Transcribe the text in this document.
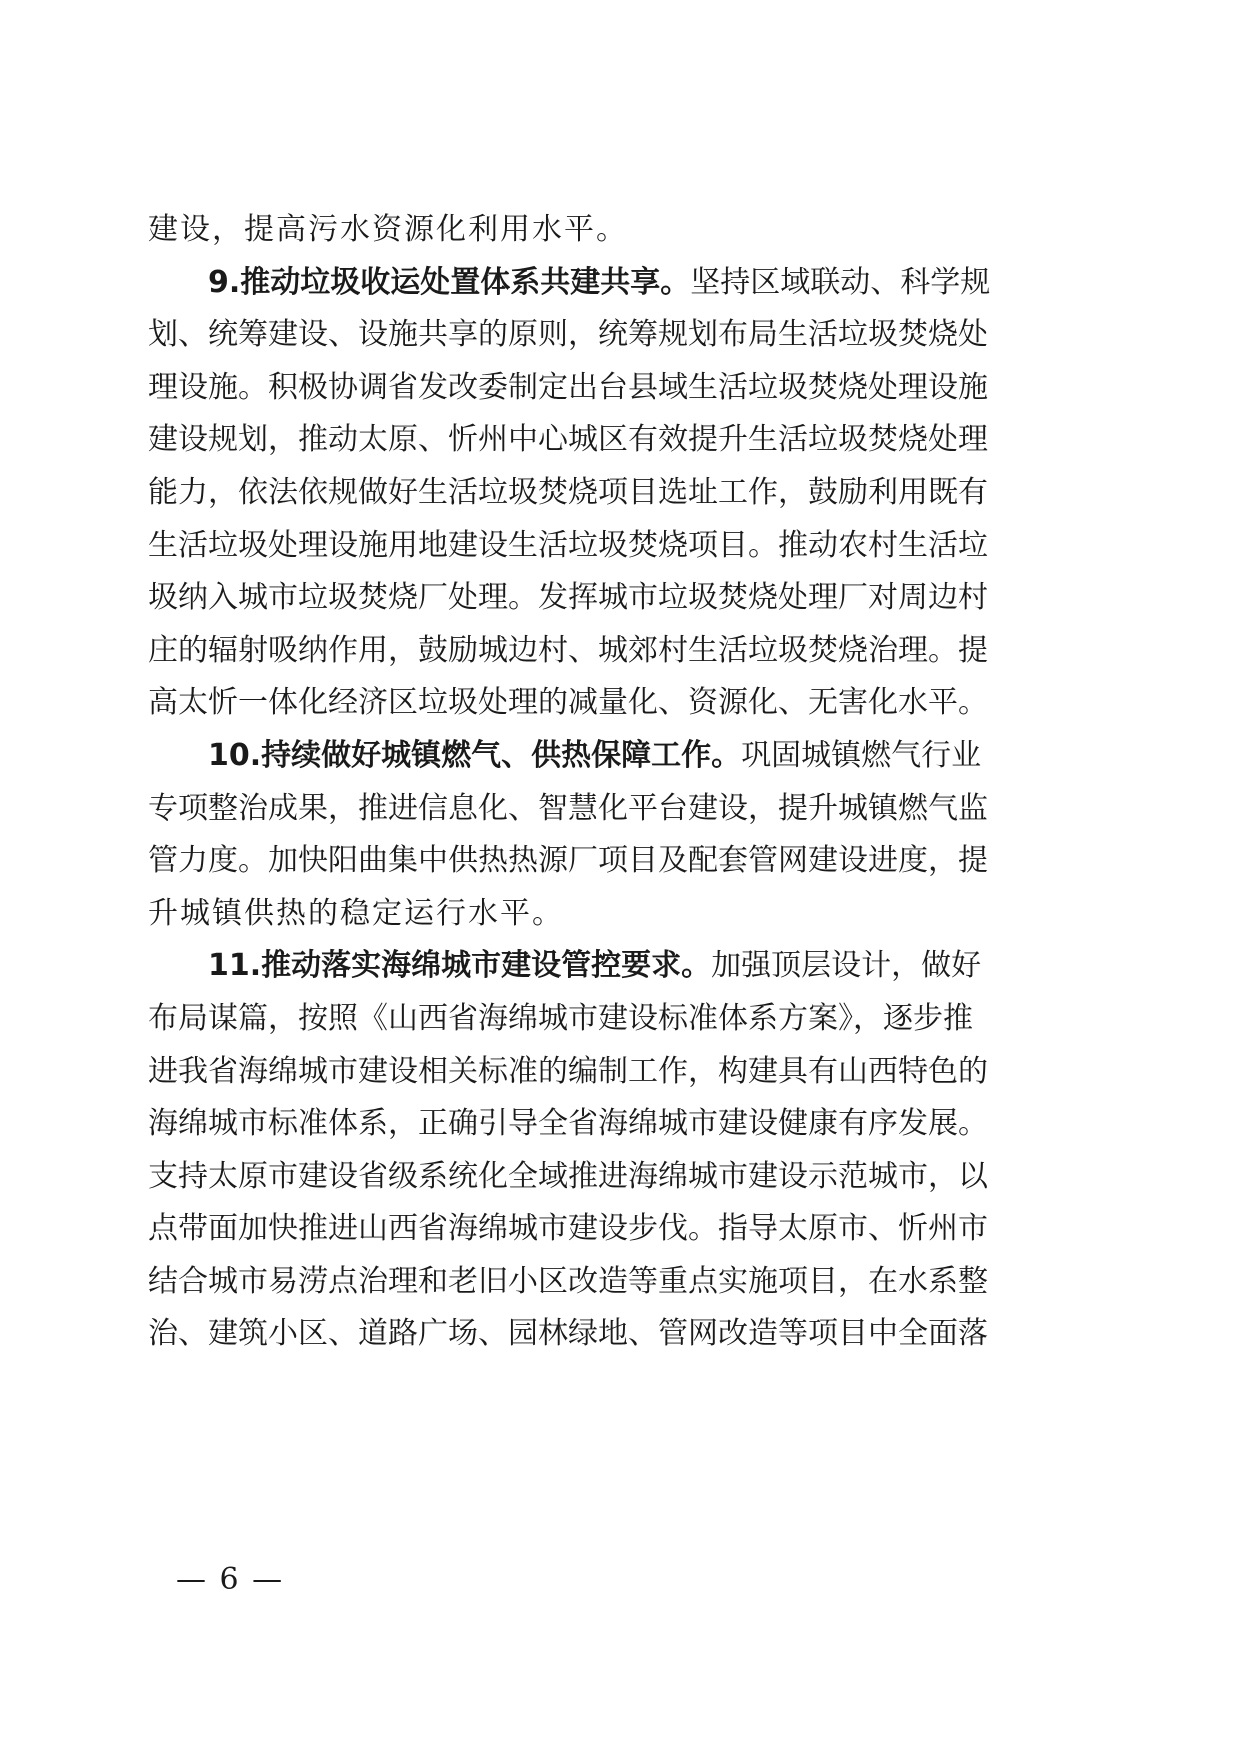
建设，提高污水资源化利用水平。
9.推动垃圾收运处置体系共建共享。坚持区域联动、科学规
划、统筹建设、设施共享的原则，统筹规划布局生活垃圾焚烧处
理设施。积极协调省发改委制定出台县域生活垃圾焚烧处理设施
建设规划，推动太原、忻州中心城区有效提升生活垃圾焚烧处理
能力，依法依规做好生活垃圾焚烧项目选址工作，鼓励利用既有
生活垃圾处理设施用地建设生活垃圾焚烧项目。推动农村生活垃
圾纳入城市垃圾焚烧厂处理。发挥城市垃圾焚烧处理厂对周边村
庄的辐射吸纳作用，鼓励城边村、城郊村生活垃圾焚烧治理。提
高太忻一体化经济区垃圾处理的减量化、资源化、无害化水平。
10.持续做好城镇燃气、供热保障工作。巩固城镇燃气行业
专项整治成果，推进信息化、智慧化平台建设，提升城镇燃气监
管力度。加快阳曲集中供热热源厂项目及配套管网建设进度，提
升城镇供热的稳定运行水平。
11.推动落实海绵城市建设管控要求。加强顶层设计，做好
布局谋篇，按照《山西省海绵城市建设标准体系方案》，逐步推
进我省海绵城市建设相关标准的编制工作，构建具有山西特色的
海绵城市标准体系，正确引导全省海绵城市建设健康有序发展。
支持太原市建设省级系统化全域推进海绵城市建设示范城市，以
点带面加快推进山西省海绵城市建设步伐。指导太原市、忻州市
结合城市易涝点治理和老旧小区改造等重点实施项目，在水系整
治、建筑小区、道路广场、园林绿地、管网改造等项目中全面落
— 6 —
